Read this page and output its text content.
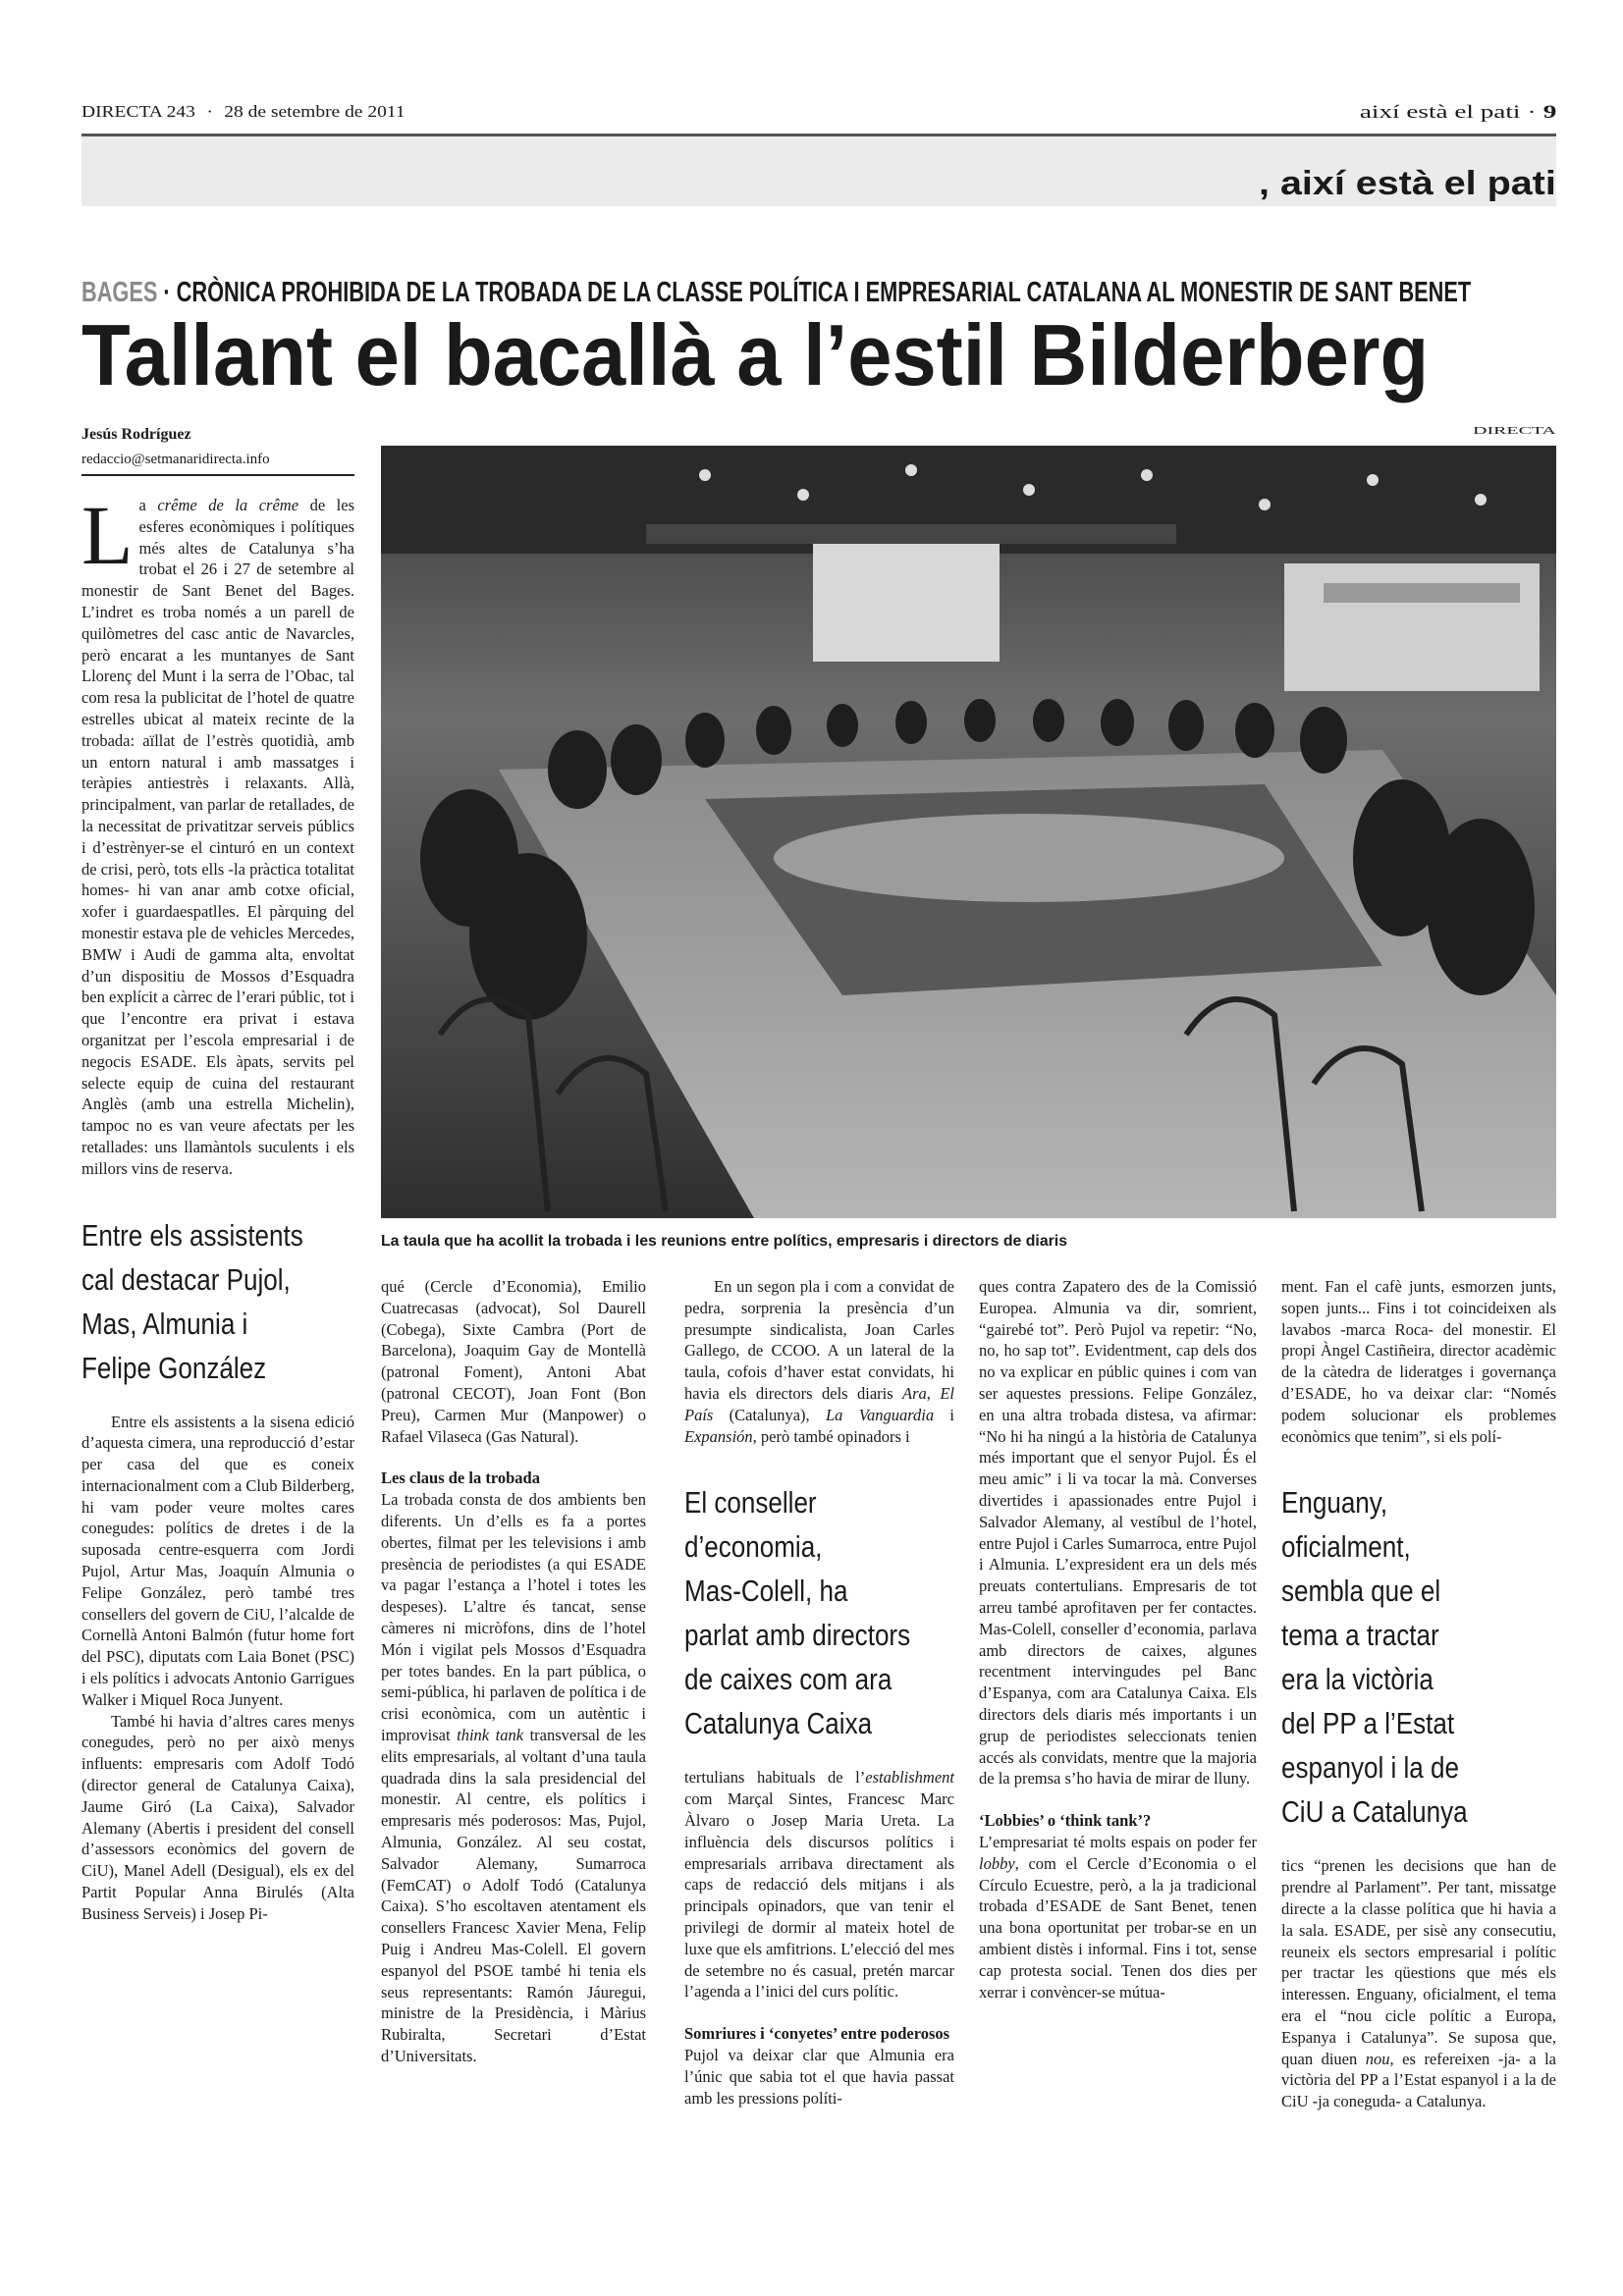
DIRECTA 243 · 28 de setembre de 2011	així està el pati · 9
, així està el pati
BAGES · CRÒNICA PROHIBIDA DE LA TROBADA DE LA CLASSE POLÍTICA I EMPRESARIAL CATALANA AL MONESTIR DE SANT BENET
Tallant el bacallà a l’estil Bilderberg
Jesús Rodríguez
redaccio@setmanaridirecta.info
DIRECTA
La taula que ha acollit la trobada i les reunions entre polítics, empresaris i directors de diaris

La crême de la crême de les esferes econòmiques i polítiques més altes de Catalunya s’ha trobat el 26 i 27 de setembre al monestir de Sant Benet del Bages. L’indret es troba només a un parell de quilòmetres del casc antic de Navarcles, però encarat a les muntanyes de Sant Llorenç del Munt i la serra de l’Obac, tal com resa la publicitat de l’hotel de quatre estrelles ubicat al mateix recinte de la trobada: aïllat de l’estrès quotidià, amb un entorn natural i amb massatges i teràpies antiestrès i relaxants. Allà, principalment, van parlar de retallades, de la necessitat de privatitzar serveis públics i d’estrènyer-se el cinturó en un context de crisi, però, tots ells -la pràctica totalitat homes- hi van anar amb cotxe oficial, xofer i guardaespatlles. El pàrquing del monestir estava ple de vehicles Mercedes, BMW i Audi de gamma alta, envoltat d’un dispositiu de Mossos d’Esquadra ben explícit a càrrec de l’erari públic, tot i que l’encontre era privat i estava organitzat per l’escola empresarial i de negocis ESADE. Els àpats, servits pel selecte equip de cuina del restaurant Anglès (amb una estrella Michelin), tampoc no es van veure afectats per les retallades: uns llamàntols suculents i els millors vins de reserva.

Entre els assistents
cal destacar Pujol,
Mas, Almunia i
Felipe González

Entre els assistents a la sisena edició d’aquesta cimera, una reproducció d’estar per casa del que es coneix internacionalment com a Club Bilderberg, hi vam poder veure moltes cares conegudes: polítics de dretes i de la suposada centre-esquerra com Jordi Pujol, Artur Mas, Joaquín Almunia o Felipe González, però també tres consellers del govern de CiU, l’alcalde de Cornellà Antoni Balmón (futur home fort del PSC), diputats com Laia Bonet (PSC) i els polítics i advocats Antonio Garrigues Walker i Miquel Roca Junyent.

També hi havia d’altres cares menys conegudes, però no per això menys influents: empresaris com Adolf Todó (director general de Catalunya Caixa), Jaume Giró (La Caixa), Salvador Alemany (Abertis i president del consell d’assessors econòmics del govern de CiU), Manel Adell (Desigual), els ex del Partit Popular Anna Birulés (Alta Business Serveis) i Josep Pi-

qué (Cercle d’Economia), Emilio Cuatrecasas (advocat), Sol Daurell (Cobega), Sixte Cambra (Port de Barcelona), Joaquim Gay de Montellà (patronal Foment), Antoni Abat (patronal CECOT), Joan Font (Bon Preu), Carmen Mur (Manpower) o Rafael Vilaseca (Gas Natural).

Les claus de la trobada

La trobada consta de dos ambients ben diferents. Un d’ells es fa a portes obertes, filmat per les televisions i amb presència de periodistes (a qui ESADE va pagar l’estança a l’hotel i totes les despeses). L’altre és tancat, sense càmeres ni micròfons, dins de l’hotel Món i vigilat pels Mossos d’Esquadra per totes bandes. En la part pública, o semi-pública, hi parlaven de política i de crisi econòmica, com un autèntic i improvisat think tank transversal de les elits empresarials, al voltant d’una taula quadrada dins la sala presidencial del monestir. Al centre, els polítics i empresaris més poderosos: Mas, Pujol, Almunia, González. Al seu costat, Salvador Alemany, Sumarroca (FemCAT) o Adolf Todó (Catalunya Caixa). S’ho escoltaven atentament els consellers Francesc Xavier Mena, Felip Puig i Andreu Mas-Colell. El govern espanyol del PSOE també hi tenia els seus representants: Ramón Jáuregui, ministre de la Presidència, i Màrius Rubiralta, Secretari d’Estat d’Universitats.

En un segon pla i com a convidat de pedra, sorprenia la presència d’un presumpte sindicalista, Joan Carles Gallego, de CCOO. A un lateral de la taula, cofois d’haver estat convidats, hi havia els directors dels diaris Ara, El País (Catalunya), La Vanguardia i Expansión, però també opinadors i

El conseller
d’economia,
Mas-Colell, ha
parlat amb directors
de caixes com ara
Catalunya Caixa

tertulians habituals de l’establishment com Marçal Sintes, Francesc Marc Àlvaro o Josep Maria Ureta. La influència dels discursos polítics i empresarials arribava directament als caps de redacció dels mitjans i als principals opinadors, que van tenir el privilegi de dormir al mateix hotel de luxe que els amfitrions. L’elecció del mes de setembre no és casual, pretén marcar l’agenda a l’inici del curs polític.

Somriures i ‘conyetes’ entre poderosos

Pujol va deixar clar que Almunia era l’únic que sabia tot el que havia passat amb les pressions políti-

ques contra Zapatero des de la Comissió Europea. Almunia va dir, somrient, “gairebé tot”. Però Pujol va repetir: “No, no, ho sap tot”. Evidentment, cap dels dos no va explicar en públic quines i com van ser aquestes pressions. Felipe González, en una altra trobada distesa, va afirmar: “No hi ha ningú a la història de Catalunya més important que el senyor Pujol. És el meu amic” i li va tocar la mà. Converses divertides i apassionades entre Pujol i Salvador Alemany, al vestíbul de l’hotel, entre Pujol i Carles Sumarroca, entre Pujol i Almunia. L’expresident era un dels més preuats contertulians. Empresaris de tot arreu també aprofitaven per fer contactes. Mas-Colell, conseller d’economia, parlava amb directors de caixes, algunes recentment intervingudes pel Banc d’Espanya, com ara Catalunya Caixa. Els directors dels diaris més importants i un grup de periodistes seleccionats tenien accés als convidats, mentre que la majoria de la premsa s’ho havia de mirar de lluny.

‘Lobbies’ o ‘think tank’?

L’empresariat té molts espais on poder fer lobby, com el Cercle d’Economia o el Círculo Ecuestre, però, a la ja tradicional trobada d’ESADE de Sant Benet, tenen una bona oportunitat per trobar-se en un ambient distès i informal. Fins i tot, sense cap protesta social. Tenen dos dies per xerrar i convèncer-se mútua-

ment. Fan el cafè junts, esmorzen junts, sopen junts... Fins i tot coincideixen als lavabos -marca Roca- del monestir. El propi Àngel Castiñeira, director acadèmic de la càtedra de lideratges i governança d’ESADE, ho va deixar clar: “Només podem solucionar els problemes econòmics que tenim”, si els polí-

Enguany,
oficialment,
sembla que el
tema a tractar
era la victòria
del PP a l’Estat
espanyol i la de
CiU a Catalunya

tics “prenen les decisions que han de prendre al Parlament”. Per tant, missatge directe a la classe política que hi havia a la sala. ESADE, per sisè any consecutiu, reuneix els sectors empresarial i polític per tractar les qüestions que més els interessen. Enguany, oficialment, el tema era el “nou cicle polític a Europa, Espanya i Catalunya”. Se suposa que, quan diuen nou, es refereixen -ja- a la victòria del PP a l’Estat espanyol i a la de CiU -ja coneguda- a Catalunya.
